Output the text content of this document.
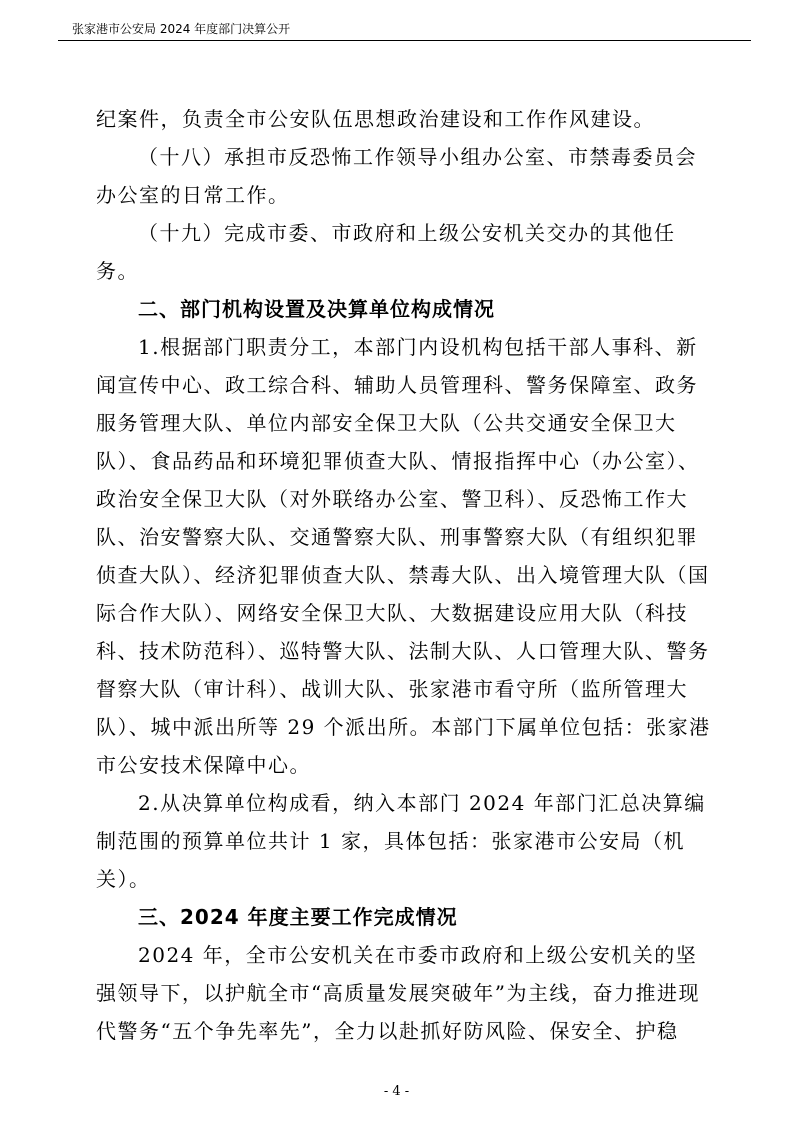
张家港市公安局 2024 年度部门决算公开

纪案件，负责全市公安队伍思想政治建设和工作作风建设。

（十八）承担市反恐怖工作领导小组办公室、市禁毒委员会办公室的日常工作。

（十九）完成市委、市政府和上级公安机关交办的其他任务。

二、部门机构设置及决算单位构成情况

1.根据部门职责分工，本部门内设机构包括干部人事科、新闻宣传中心、政工综合科、辅助人员管理科、警务保障室、政务服务管理大队、单位内部安全保卫大队（公共交通安全保卫大队）、食品药品和环境犯罪侦查大队、情报指挥中心（办公室）、政治安全保卫大队（对外联络办公室、警卫科）、反恐怖工作大队、治安警察大队、交通警察大队、刑事警察大队（有组织犯罪侦查大队）、经济犯罪侦查大队、禁毒大队、出入境管理大队（国际合作大队）、网络安全保卫大队、大数据建设应用大队（科技科、技术防范科）、巡特警大队、法制大队、人口管理大队、警务督察大队（审计科）、战训大队、张家港市看守所（监所管理大队）、城中派出所等 29 个派出所。本部门下属单位包括：张家港市公安技术保障中心。

2.从决算单位构成看，纳入本部门 2024 年部门汇总决算编制范围的预算单位共计 1 家，具体包括：张家港市公安局（机关）。

三、2024 年度主要工作完成情况

2024 年，全市公安机关在市委市政府和上级公安机关的坚强领导下，以护航全市“高质量发展突破年”为主线，奋力推进现代警务“五个争先率先”，全力以赴抓好防风险、保安全、护稳

- 4 -
